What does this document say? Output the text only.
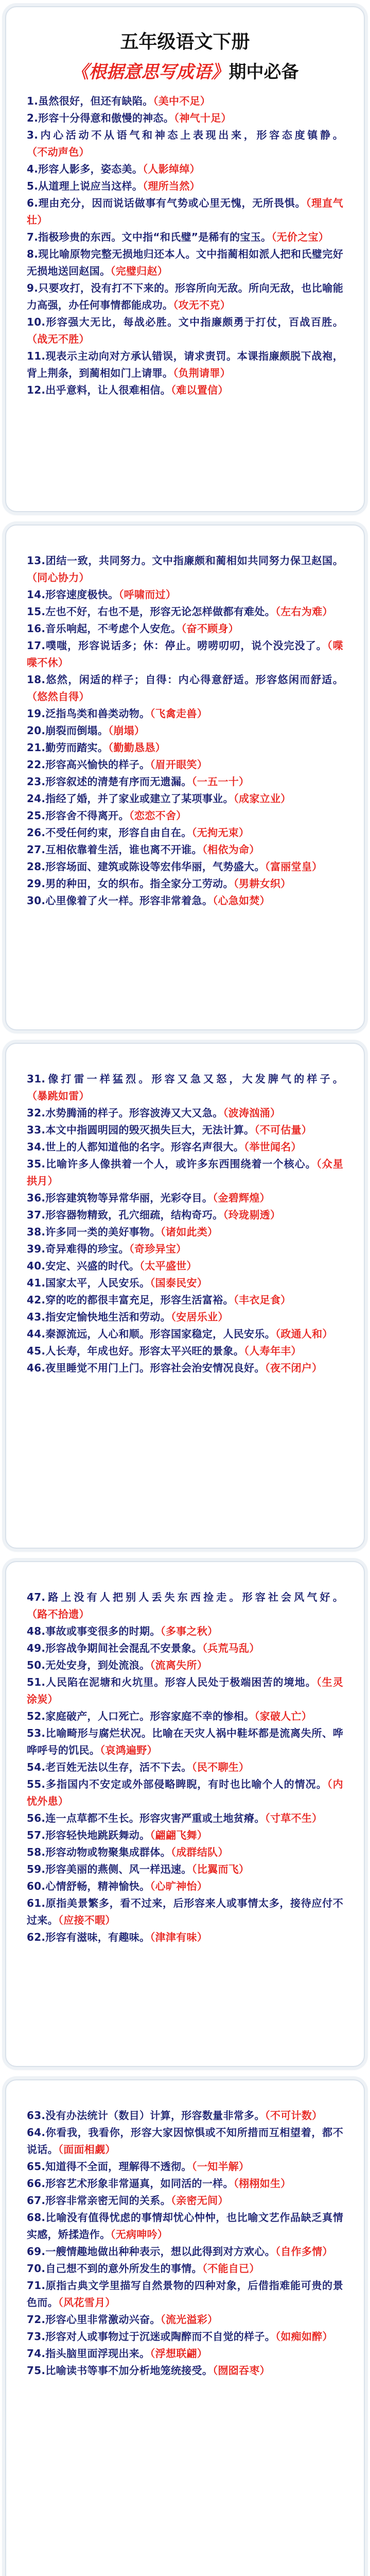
五年级语文下册
《根据意思写成语》期中必备
1.虽然很好，但还有缺陷。（美中不足）
2.形容十分得意和傲慢的神态。（神气十足）
3.内心活动不从语气和神态上表现出来，形容态度镇静。（不动声色）
4.形容人影多，姿态美。（人影绰绰）
5.从道理上说应当这样。（理所当然）
6.理由充分，因而说话做事有气势或心里无愧，无所畏惧。（理直气壮）
7.指极珍贵的东西。文中指“和氏璧”是稀有的宝玉。（无价之宝）
8.现比喻原物完整无损地归还本人。文中指蔺相如派人把和氏璧完好无损地送回赵国。（完璧归赵）
9.只要攻打，没有打不下来的。形容所向无敌。所向无敌，也比喻能力高强，办任何事情都能成功。（攻无不克）
10.形容强大无比，每战必胜。文中指廉颇勇于打仗，百战百胜。（战无不胜）
11.现表示主动向对方承认错误，请求责罚。本课指廉颇脱下战袍，背上荆条，到蔺相如门上请罪。（负荆请罪）
12.出乎意料，让人很难相信。（难以置信）
13.团结一致，共同努力。文中指廉颇和蔺相如共同努力保卫赵国。（同心协力）
14.形容速度极快。（呼啸而过）
15.左也不好，右也不是，形容无论怎样做都有难处。（左右为难）
16.音乐响起，不考虑个人安危。（奋不顾身）
17.噗嗤，形容说话多；休：停止。唠唠叨叨，说个没完没了。（喋喋不休）
18.悠然，闲适的样子；自得：内心得意舒适。形容悠闲而舒适。（悠然自得）
19.泛指鸟类和兽类动物。（飞禽走兽）
20.崩裂而倒塌。（崩塌）
21.勤劳而踏实。（勤勤恳恳）
22.形容高兴愉快的样子。（眉开眼笑）
23.形容叙述的清楚有序而无遗漏。（一五一十）
24.指经了婚，并了家业或建立了某项事业。（成家立业）
25.形容舍不得离开。（恋恋不舍）
26.不受任何约束，形容自由自在。（无拘无束）
27.互相依靠着生活，谁也离不开谁。（相依为命）
28.形容场面、建筑或陈设等宏伟华丽，气势盛大。（富丽堂皇）
29.男的种田，女的织布。指全家分工劳动。（男耕女织）
30.心里像着了火一样。形容非常着急。（心急如焚）
31.像打雷一样猛烈。形容又急又怒，大发脾气的样子。（暴跳如雷）
32.水势腾涌的样子。形容波涛又大又急。（波涛汹涌）
33.本文中指圆明园的毁灭损失巨大，无法计算。（不可估量）
34.世上的人都知道他的名字。形容名声很大。（举世闻名）
35.比喻许多人像拱着一个人，或许多东西围绕着一个核心。（众星拱月）
36.形容建筑物等异常华丽，光彩夺目。（金碧辉煌）
37.形容器物精致，孔穴细疏，结构奇巧。（玲珑剔透）
38.许多同一类的美好事物。（诸如此类）
39.奇异难得的珍宝。（奇珍异宝）
40.安定、兴盛的时代。（太平盛世）
41.国家太平，人民安乐。（国泰民安）
42.穿的吃的都很丰富充足，形容生活富裕。（丰衣足食）
43.指安定愉快地生活和劳动。（安居乐业）
44.秦源流远，人心和顺。形容国家稳定，人民安乐。（政通人和）
45.人长寿，年成也好。形容太平兴旺的景象。（人寿年丰）
46.夜里睡觉不用门上门。形容社会治安情况良好。（夜不闭户）
47.路上没有人把别人丢失东西捡走。形容社会风气好。（路不拾遗）
48.事故或事变很多的时期。（多事之秋）
49.形容战争期间社会混乱不安景象。（兵荒马乱）
50.无处安身，到处流浪。（流离失所）
51.人民陷在泥塘和火坑里。形容人民处于极端困苦的境地。（生灵涂炭）
52.家庭破产，人口死亡。形容家庭不幸的惨相。（家破人亡）
53.比喻畸形与腐烂状况。比喻在天灾人祸中鞋坏都是流离失所、哗哗呼号的饥民。（哀鸿遍野）
54.老百姓无法以生存，活不下去。（民不聊生）
55.多指国内不安定或外部侵略睥睨，有时也比喻个人的情况。（内忧外患）
56.连一点草都不生长。形容灾害严重或土地贫瘠。（寸草不生）
57.形容轻快地跳跃舞动。（翩翩飞舞）
58.形容动物或物聚集成群体。（成群结队）
59.形容美丽的燕侧、风一样迅速。（比翼而飞）
60.心情舒畅，精神愉快。（心旷神怡）
61.原指美景繁多，看不过来，后形容来人或事情太多，接待应付不过来。（应接不暇）
62.形容有滋味，有趣味。（津津有味）
63.没有办法统计（数目）计算，形容数量非常多。（不可计数）
64.你看我，我看你，形容大家因惊惧或不知所措而互相望着，都不说话。（面面相觑）
65.知道得不全面，理解得不透彻。（一知半解）
66.形容艺术形象非常逼真，如同活的一样。（栩栩如生）
67.形容非常亲密无间的关系。（亲密无间）
68.比喻没有值得忧虑的事情却忧心忡忡，也比喻文艺作品缺乏真情实感，矫揉造作。（无病呻吟）
69.一艘情趣地做出种种表示，想以此得到对方欢心。（自作多情）
70.自己想不到的意外所发生的事情。（不能自已）
71.原指古典文学里描写自然景物的四种对象，后借指难能可贵的景色而。（风花雪月）
72.形容心里非常激动兴奋。（流光溢彩）
73.形容对人或事物过于沉迷或陶醉而不自觉的样子。（如痴如醉）
74.指头脑里面浮现出来。（浮想联翩）
75.比喻读书等事不加分析地笼统接受。（囫囵吞枣）
